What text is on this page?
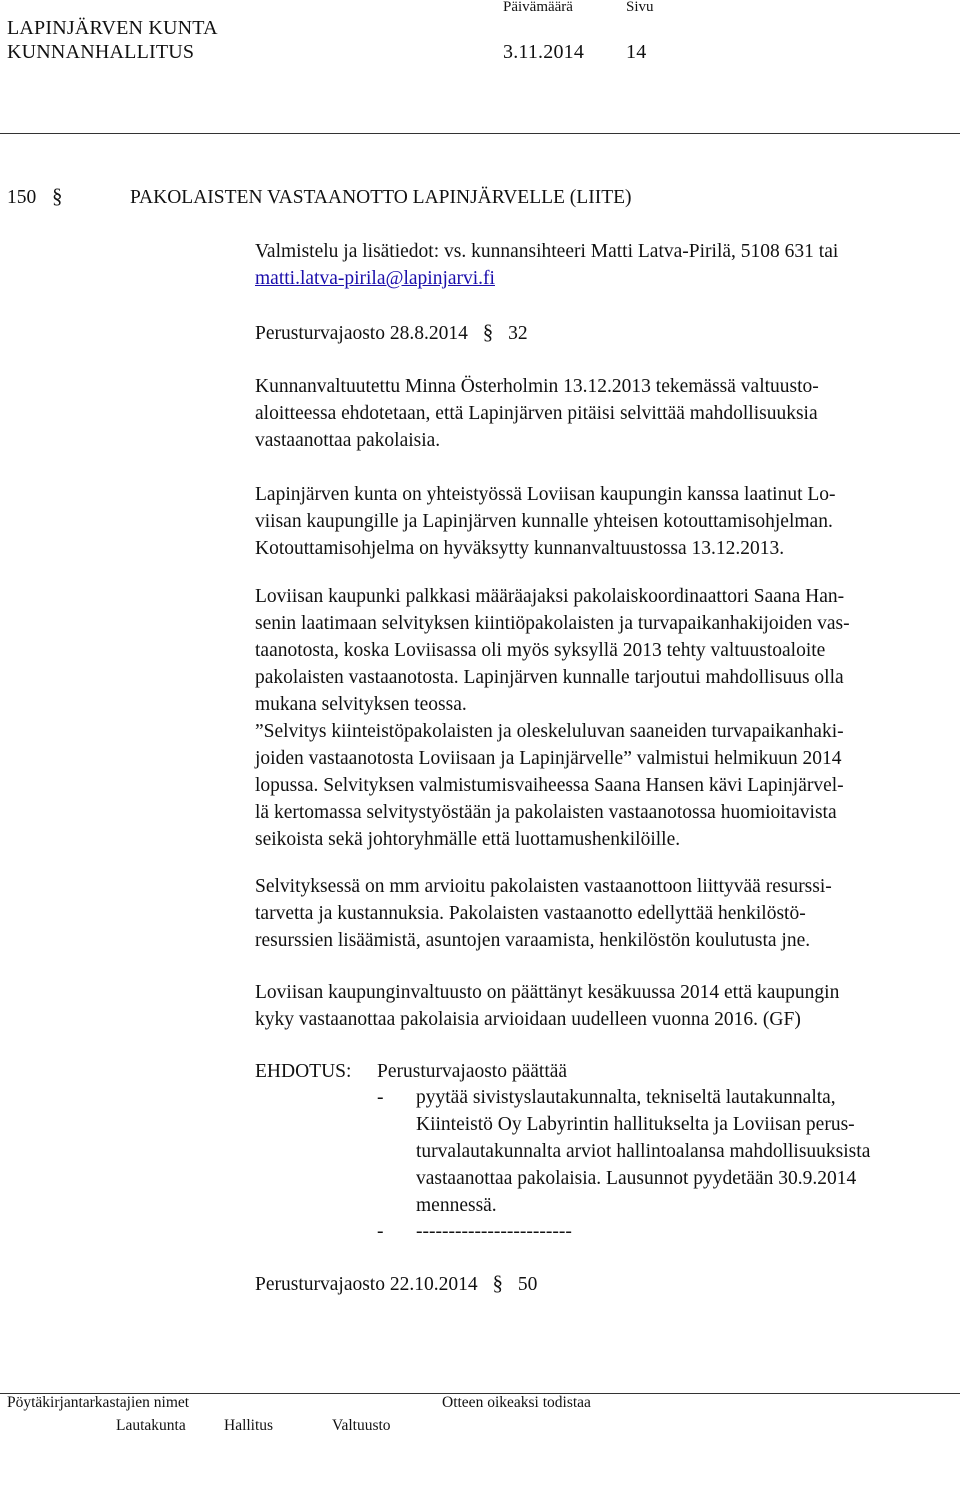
LAPINJÄRVEN KUNTA
Päivämäärä	Sivu
KUNNANHALLITUS	3.11.2014 14
150 §	PAKOLAISTEN VASTAANOTTO LAPINJÄRVELLE (LIITE)
Valmistelu ja lisätiedot: vs. kunnansihteeri Matti Latva-Pirilä, 5108 631 tai
matti.latva-pirila@lapinjarvi.fi
Perusturvajaosto 28.8.2014 § 32
Kunnanvaltuutettu Minna Österholmin 13.12.2013 tekemässä valtuusto-
aloitteessa ehdotetaan, että Lapinjärven pitäisi selvittää mahdollisuuksia
vastaanottaa pakolaisia.
Lapinjärven kunta on yhteistyössä Loviisan kaupungin kanssa laatinut Lo-
viisan kaupungille ja Lapinjärven kunnalle yhteisen kotouttamisohjelman.
Kotouttamisohjelma on hyväksytty kunnanvaltuustossa 13.12.2013.
Loviisan kaupunki palkkasi määräajaksi pakolaiskoordinaattori Saana Han-
senin laatimaan selvityksen kiintiöpakolaisten ja turvapaikanhakijoiden vas-
taanotosta, koska Loviisassa oli myös syksyllä 2013 tehty valtuustoaloite
pakolaisten vastaanotosta. Lapinjärven kunnalle tarjoutui mahdollisuus olla
mukana selvityksen teossa.
”Selvitys kiinteistöpakolaisten ja oleskeluluvan saaneiden turvapaikanhaki-
joiden vastaanotosta Loviisaan ja Lapinjärvelle” valmistui helmikuun 2014
lopussa. Selvityksen valmistumisvaiheessa Saana Hansen kävi Lapinjärvel-
lä kertomassa selvitystyöstään ja pakolaisten vastaanotossa huomioitavista
seikoista sekä johtoryhmälle että luottamushenkilöille.
Selvityksessä on mm arvioitu pakolaisten vastaanottoon liittyvää resurssi-
tarvetta ja kustannuksia. Pakolaisten vastaanotto edellyttää henkilöstö-
resurssien lisäämistä, asuntojen varaamista, henkilöstön koulutusta jne.
Loviisan kaupunginvaltuusto on päättänyt kesäkuussa 2014 että kaupungin
kyky vastaanottaa pakolaisia arvioidaan uudelleen vuonna 2016. (GF)
EHDOTUS: Perusturvajaosto päättää
- pyytää sivistyslautakunnalta, tekniseltä lautakunnalta,
Kiinteistö Oy Labyrintin hallitukselta ja Loviisan perus-
turvalautakunnalta arviot hallintoalansa mahdollisuuksista
vastaanottaa pakolaisia. Lausunnot pyydetään 30.9.2014
mennessä.
- ------------------------
Perusturvajaosto 22.10.2014 § 50
Pöytäkirjantarkastajien nimet	Otteen oikeaksi todistaa
Lautakunta Hallitus	Valtuusto
